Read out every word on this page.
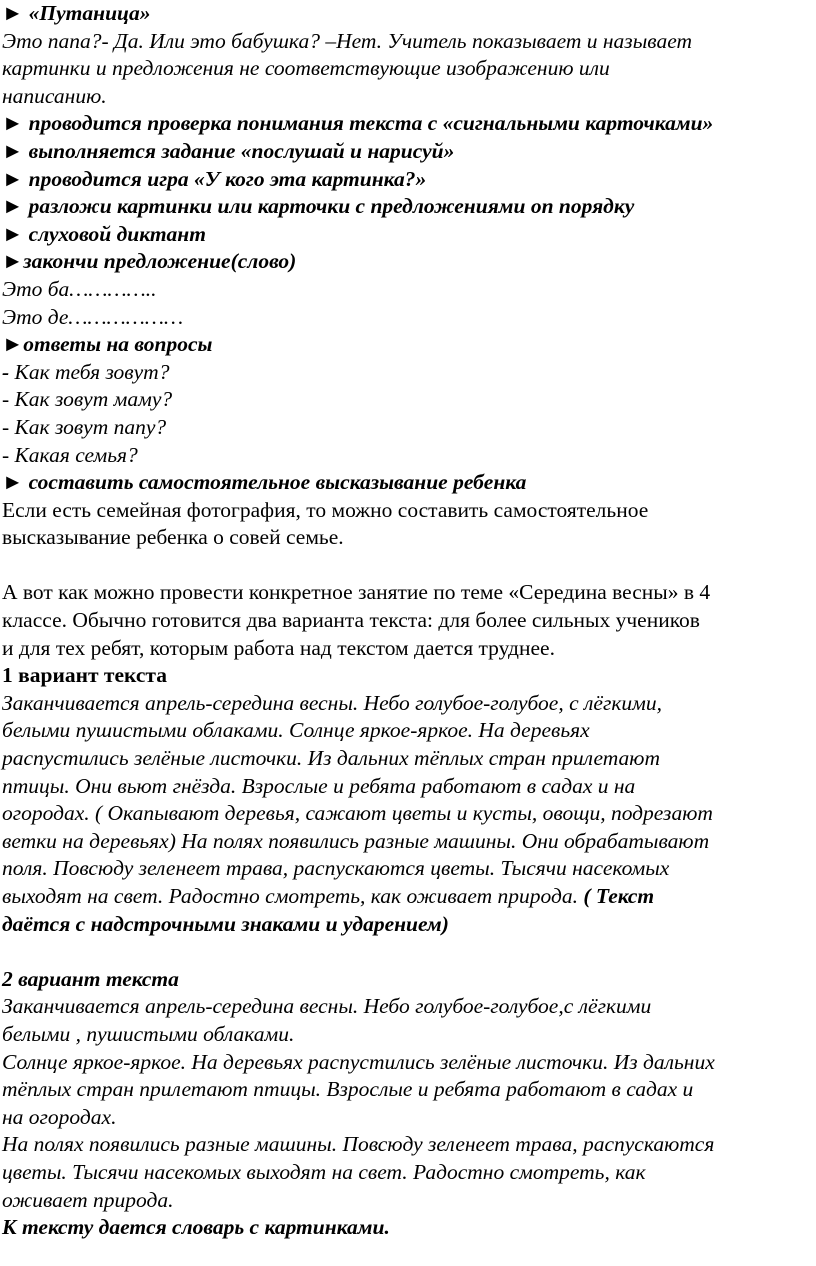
► «Путаница»
Это папа?- Да. Или это бабушка? –Нет. Учитель показывает и называет
картинки и предложения не соответствующие изображению или
написанию.
► проводится проверка понимания текста с «сигнальными карточками»
► выполняется задание «послушай и нарисуй»
► проводится игра «У кого эта картинка?»
► разложи картинки или карточки с предложениями оп порядку
► слуховой диктант
►закончи предложение(слово)
Это ба…………..
Это де………………
►ответы на вопросы
- Как тебя зовут?
- Как зовут маму?
- Как зовут папу?
- Какая семья?
► составить самостоятельное высказывание ребенка
Если есть семейная фотография, то можно составить самостоятельное
высказывание ребенка о совей семье.
А вот как можно провести конкретное занятие по теме «Середина весны» в 4
классе. Обычно готовится два варианта текста: для более сильных учеников
и для тех ребят, которым работа над текстом дается труднее.
1 вариант текста
Заканчивается апрель-середина весны. Небо голубое-голубое, с лёгкими,
белыми пушистыми облаками. Солнце яркое-яркое. На деревьях
распустились зелёные листочки. Из дальних тёплых стран прилетают
птицы. Они вьют гнёзда. Взрослые и ребята работают в садах и на
огородах. ( Окапывают деревья, сажают цветы и кусты, овощи, подрезают
ветки на деревьях) На полях появились разные машины. Они обрабатывают
поля. Повсюду зеленеет трава, распускаются цветы. Тысячи насекомых
выходят на свет. Радостно смотреть, как оживает природа. ( Текст
даётся с надстрочными знаками и ударением)
2 вариант текста
Заканчивается апрель-середина весны. Небо голубое-голубое,с лёгкими
белыми , пушистыми облаками.
Солнце яркое-яркое. На деревьях распустились зелёные листочки. Из дальних
тёплых стран прилетают птицы. Взрослые и ребята работают в садах и
на огородах.
На полях появились разные машины. Повсюду зеленеет трава, распускаются
цветы. Тысячи насекомых выходят на свет. Радостно смотреть, как
оживает природа.
К тексту дается словарь с картинками.
